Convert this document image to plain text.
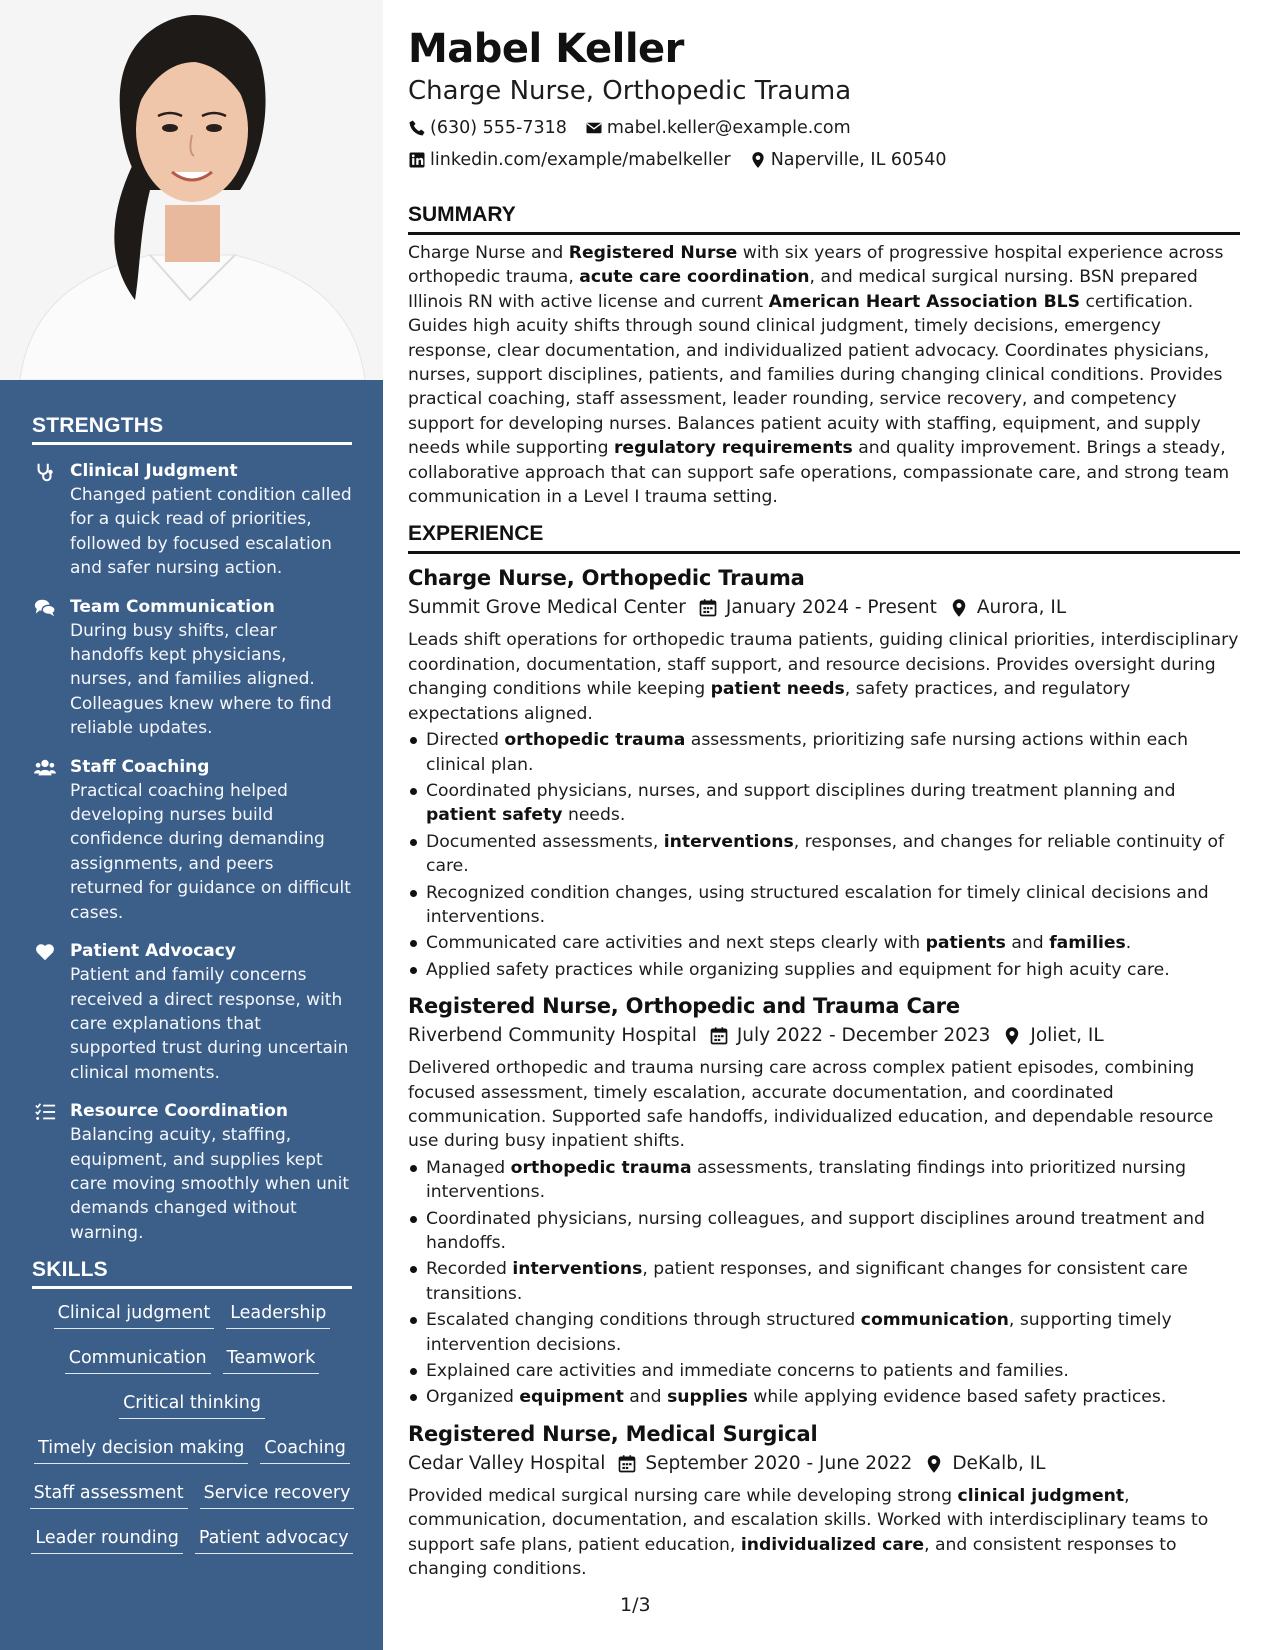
STRENGTHS
Clinical Judgment
Changed patient condition called for a quick read of priorities, followed by focused escalation and safer nursing action.
Team Communication
During busy shifts, clear handoffs kept physicians, nurses, and families aligned. Colleagues knew where to find reliable updates.
Staff Coaching
Practical coaching helped developing nurses build confidence during demanding assignments, and peers returned for guidance on difficult cases.
Patient Advocacy
Patient and family concerns received a direct response, with care explanations that supported trust during uncertain clinical moments.
Resource Coordination
Balancing acuity, staffing, equipment, and supplies kept care moving smoothly when unit demands changed without warning.
SKILLS
Clinical judgment Leadership
Communication Teamwork
Critical thinking
Timely decision making Coaching
Staff assessment Service recovery
Leader rounding Patient advocacy
Mabel Keller
Charge Nurse, Orthopedic Trauma
(630) 555-7318 mabel.keller@example.com
linkedin.com/example/mabelkeller Naperville, IL 60540
SUMMARY

Charge Nurse and Registered Nurse with six years of progressive hospital experience across orthopedic trauma, acute care coordination, and medical surgical nursing. BSN prepared Illinois RN with active license and current American Heart Association BLS certification. Guides high acuity shifts through sound clinical judgment, timely decisions, emergency response, clear documentation, and individualized patient advocacy. Coordinates physicians, nurses, support disciplines, patients, and families during changing clinical conditions. Provides practical coaching, staff assessment, leader rounding, service recovery, and competency support for developing nurses. Balances patient acuity with staffing, equipment, and supply needs while supporting regulatory requirements and quality improvement. Brings a steady, collaborative approach that can support safe operations, compassionate care, and strong team communication in a Level I trauma setting.

EXPERIENCE
Charge Nurse, Orthopedic Trauma
Summit Grove Medical Center January 2024 - Present Aurora, IL

Leads shift operations for orthopedic trauma patients, guiding clinical priorities, interdisciplinary coordination, documentation, staff support, and resource decisions. Provides oversight during changing conditions while keeping patient needs, safety practices, and regulatory expectations aligned.

Directed orthopedic trauma assessments, prioritizing safe nursing actions within each clinical plan.
Coordinated physicians, nurses, and support disciplines during treatment planning and patient safety needs.
Documented assessments, interventions, responses, and changes for reliable continuity of care.
Recognized condition changes, using structured escalation for timely clinical decisions and interventions.
Communicated care activities and next steps clearly with patients and families.
Applied safety practices while organizing supplies and equipment for high acuity care.
Registered Nurse, Orthopedic and Trauma Care
Riverbend Community Hospital July 2022 - December 2023 Joliet, IL

Delivered orthopedic and trauma nursing care across complex patient episodes, combining focused assessment, timely escalation, accurate documentation, and coordinated communication. Supported safe handoffs, individualized education, and dependable resource use during busy inpatient shifts.

Managed orthopedic trauma assessments, translating findings into prioritized nursing interventions.
Coordinated physicians, nursing colleagues, and support disciplines around treatment and handoffs.
Recorded interventions, patient responses, and significant changes for consistent care transitions.
Escalated changing conditions through structured communication, supporting timely intervention decisions.
Explained care activities and immediate concerns to patients and families.
Organized equipment and supplies while applying evidence based safety practices.
Registered Nurse, Medical Surgical
Cedar Valley Hospital September 2020 - June 2022 DeKalb, IL

Provided medical surgical nursing care while developing strong clinical judgment, communication, documentation, and escalation skills. Worked with interdisciplinary teams to support safe plans, patient education, individualized care, and consistent responses to changing conditions.

1/3
